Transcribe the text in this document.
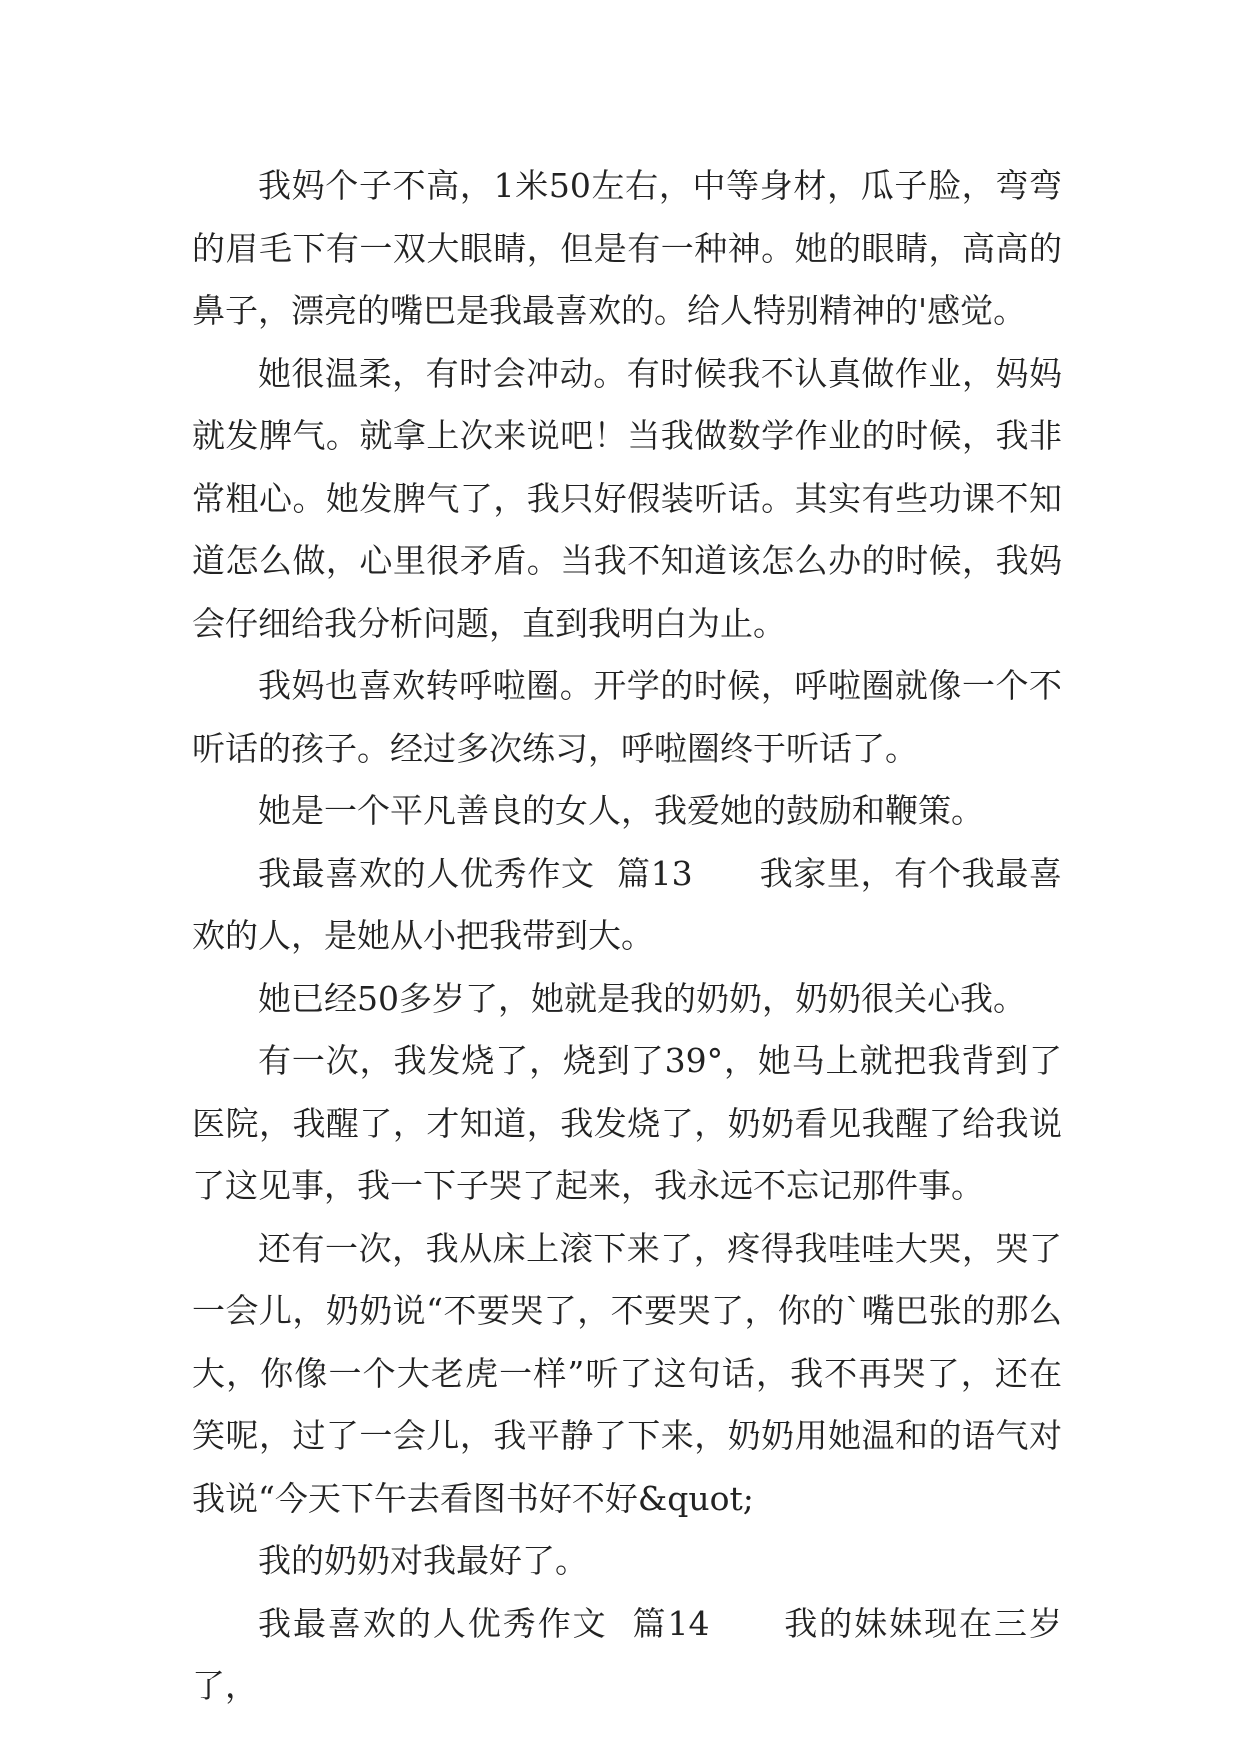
我妈个子不高，1米50左右，中等身材，瓜子脸，弯弯的眉毛下有一双大眼睛，但是有一种神。她的眼睛，高高的鼻子，漂亮的嘴巴是我最喜欢的。给人特别精神的'感觉。

她很温柔，有时会冲动。有时候我不认真做作业，妈妈就发脾气。就拿上次来说吧！当我做数学作业的时候，我非常粗心。她发脾气了，我只好假装听话。其实有些功课不知道怎么做，心里很矛盾。当我不知道该怎么办的时候，我妈会仔细给我分析问题，直到我明白为止。

我妈也喜欢转呼啦圈。开学的时候，呼啦圈就像一个不听话的孩子。经过多次练习，呼啦圈终于听话了。

她是一个平凡善良的女人，我爱她的鼓励和鞭策。

我最喜欢的人优秀作文  篇13      我家里，有个我最喜欢的人，是她从小把我带到大。

她已经50多岁了，她就是我的奶奶，奶奶很关心我。

有一次，我发烧了，烧到了39°，她马上就把我背到了医院，我醒了，才知道，我发烧了，奶奶看见我醒了给我说了这见事，我一下子哭了起来，我永远不忘记那件事。

还有一次，我从床上滚下来了，疼得我哇哇大哭，哭了一会儿，奶奶说“不要哭了，不要哭了，你的`嘴巴张的那么大，你像一个大老虎一样”听了这句话，我不再哭了，还在笑呢，过了一会儿，我平静了下来，奶奶用她温和的语气对我说“今天下午去看图书好不好&quot;

我的奶奶对我最好了。

我最喜欢的人优秀作文  篇14      我的妹妹现在三岁了，
